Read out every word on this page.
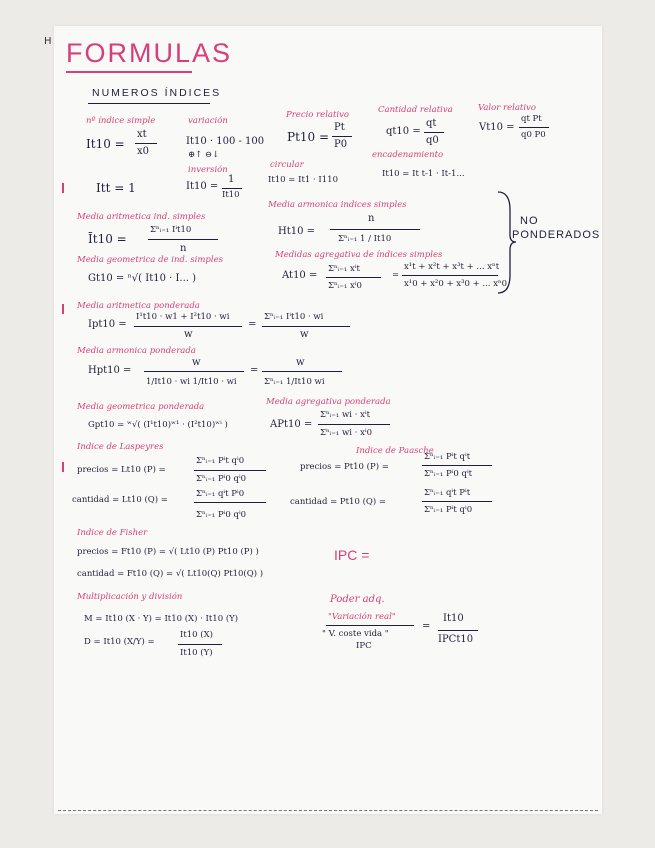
H FORMULAS
NUMEROS ÍNDICES
nº índice simple
It10 =
xt
x0
variación
It10 · 100 - 100
⊕↑ ⊖↓
Precio relativo
Pt10 =
Pt
P0
Cantidad relativa
qt10 =
qt
q0
Valor relativo
Vt10 =
qt Pt
q0 P0
Itt = 1
inversión
It10 =
1
It10
circular
It10 = It1 · I110
encadenamiento
It10 = It t-1 · It-1...
Media aritmetica ind. simples
Īt10 =
Σⁿᵢ₌₁ Iⁱt10
n
Media armonica indices simples
Ht10 =
n
Σⁿᵢ₌₁ 1 / It10
Media geometrica de ind. simples
Gt10 = ⁿ√( It10 · I... )
Medidas agregativa de índices simples
At10 =
Σⁿᵢ₌₁ xⁱt
Σⁿᵢ₌₁ xⁱ0
=
x¹t + x²t + x³t + ... xⁿt
x¹0 + x²0 + x³0 + ... xⁿ0
NO
PONDERADOS
Media aritmetica ponderada
Ipt10 =
I¹t10 · w1 + I²t10 · wi
w
=
Σⁿᵢ₌₁ Iⁱt10 · wi
w
Media armonica ponderada
Hpt10 =
w
1/It10 · wi 1/It10 · wi
=
w
Σⁿᵢ₌₁ 1/It10 wi
Media geometrica ponderada
Gpt10 = ʷ√( (I¹t10)ʷ¹ · (I²t10)ʷⁱ )
Media agregativa ponderada
APt10 =
Σⁿᵢ₌₁ wi · xⁱt
Σⁿᵢ₌₁ wi · xⁱ0
Indice de Laspeyres
precios = Lt10 (P) =
Σⁿᵢ₌₁ Pⁱt qⁱ0
Σⁿᵢ₌₁ Pⁱ0 qⁱ0
cantidad = Lt10 (Q) =
Σⁿᵢ₌₁ qⁱt Pⁱ0
Σⁿᵢ₌₁ Pⁱ0 qⁱ0
Indice de Paasche
precios = Pt10 (P) =
Σⁿᵢ₌₁ Pⁱt qⁱt
Σⁿᵢ₌₁ Pⁱ0 qⁱt
cantidad = Pt10 (Q) =
Σⁿᵢ₌₁ qⁱt Pⁱt
Σⁿᵢ₌₁ Pⁱt qⁱ0
Indice de Fisher
precios = Ft10 (P) = √( Lt10 (P) Pt10 (P) )
cantidad = Ft10 (Q) = √( Lt10(Q) Pt10(Q) )
IPC =
Multiplicación y división
M = It10 (X · Y) = It10 (X) · It10 (Y)
D = It10 (X/Y) =
It10 (X)
It10 (Y)
Poder adq.
"Variación real"
" V. coste vida "
IPC
=
It10
IPCt10
